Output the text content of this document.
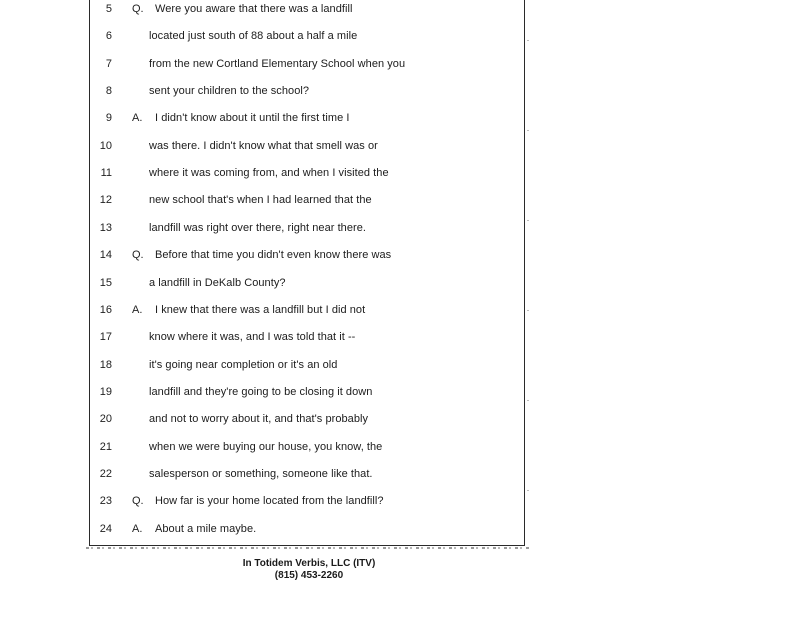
5 Q. Were you aware that there was a landfill
6	located just south of 88 about a half a mile
7	from the new Cortland Elementary School when you
8	sent your children to the school?
9 A. I didn't know about it until the first time I
10	was there. I didn't know what that smell was or
11	where it was coming from, and when I visited the
12	new school that's when I had learned that the
13	landfill was right over there, right near there.
14 Q. Before that time you didn't even know there was
15	a landfill in DeKalb County?
16 A. I knew that there was a landfill but I did not
17	know where it was, and I was told that it --
18	it's going near completion or it's an old
19	landfill and they're going to be closing it down
20	and not to worry about it, and that's probably
21	when we were buying our house, you know, the
22	salesperson or something, someone like that.
23 Q. How far is your home located from the landfill?
24 A. About a mile maybe.
In Totidem Verbis, LLC (ITV)
(815) 453-2260
